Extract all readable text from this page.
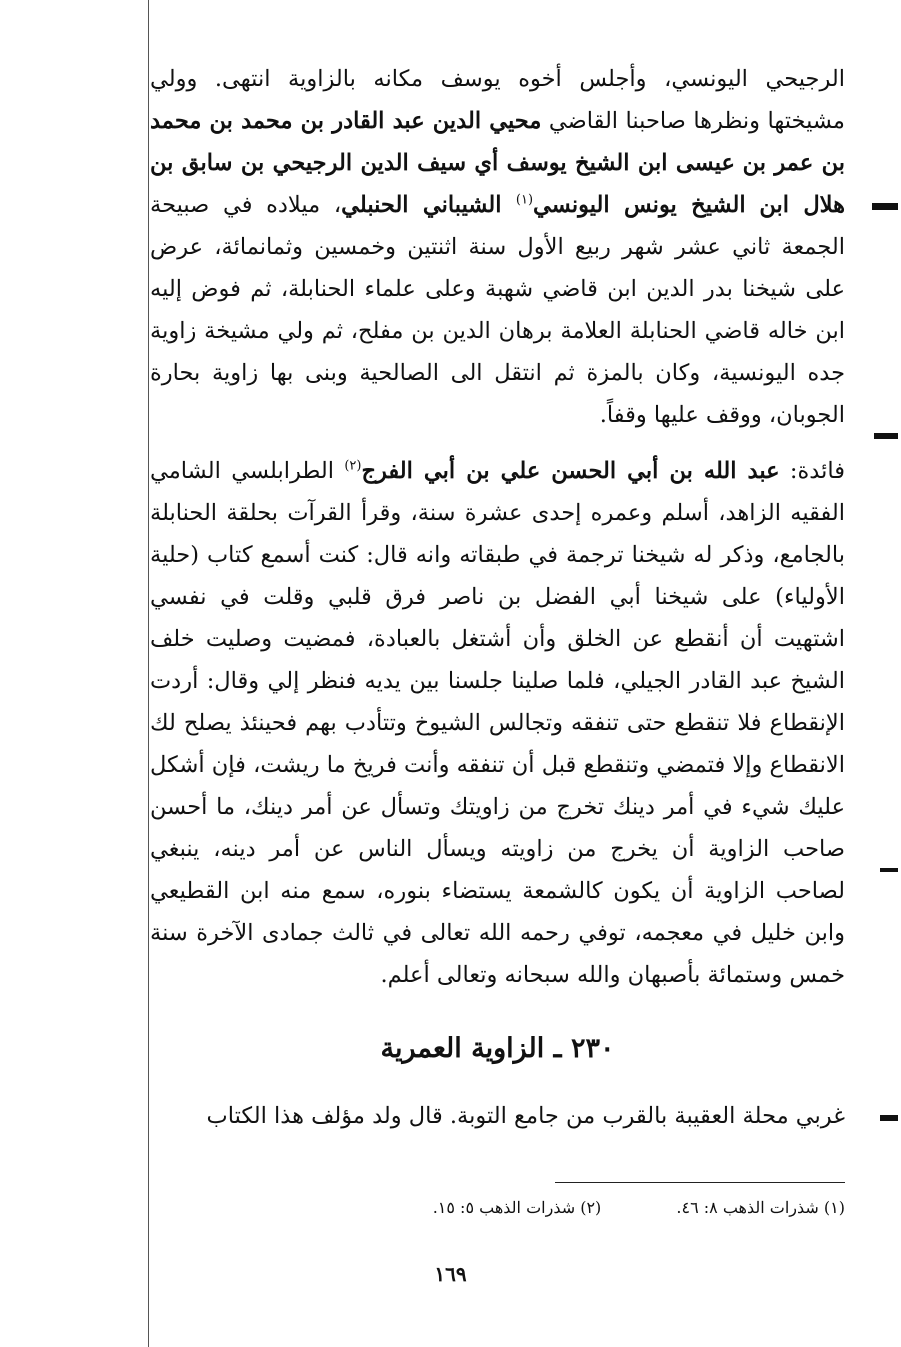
الرجيحي اليونسي، وأجلس أخوه يوسف مكانه بالزاوية انتهى. وولي مشيختها ونظرها صاحبنا القاضي محيي الدين عبد القادر بن محمد بن محمد بن عمر بن عيسى ابن الشيخ يوسف أي سيف الدين الرجيحي بن سابق بن هلال ابن الشيخ يونس اليونسي$^{(١)}$ الشيباني الحنبلي، ميلاده في صبيحة الجمعة ثاني عشر شهر ربيع الأول سنة اثنتين وخمسين وثمانمائة، عرض على شيخنا بدر الدين ابن قاضي شهبة وعلى علماء الحنابلة، ثم فوض إليه ابن خاله قاضي الحنابلة العلامة برهان الدين بن مفلح، ثم ولي مشيخة زاوية جده اليونسية، وكان بالمزة ثم انتقل الى الصالحية وبنى بها زاوية بحارة الجوبان، ووقف عليها وقفاً.

فائدة: عبد الله بن أبي الحسن علي بن أبي الفرج$^{(٢)}$ الطرابلسي الشامي الفقيه الزاهد، أسلم وعمره إحدى عشرة سنة، وقرأ القرآت بحلقة الحنابلة بالجامع، وذكر له شيخنا ترجمة في طبقاته وانه قال: كنت أسمع كتاب (حلية الأولياء) على شيخنا أبي الفضل بن ناصر فرق قلبي وقلت في نفسي اشتهيت أن أنقطع عن الخلق وأن أشتغل بالعبادة، فمضيت وصليت خلف الشيخ عبد القادر الجيلي، فلما صلينا جلسنا بين يديه فنظر إلي وقال: أردت الإنقطاع فلا تنقطع حتى تنفقه وتجالس الشيوخ وتتأدب بهم فحينئذ يصلح لك الانقطاع وإلا فتمضي وتنقطع قبل أن تنفقه وأنت فريخ ما ريشت، فإن أشكل عليك شيء في أمر دينك تخرج من زاويتك وتسأل عن أمر دينك، ما أحسن صاحب الزاوية أن يخرج من زاويته ويسأل الناس عن أمر دينه، ينبغي لصاحب الزاوية أن يكون كالشمعة يستضاء بنوره، سمع منه ابن القطيعي وابن خليل في معجمه، توفي رحمه الله تعالى في ثالث جمادى الآخرة سنة خمس وستمائة بأصبهان والله سبحانه وتعالى أعلم.

٢٣٠ ـ الزاوية العمرية

غربي محلة العقيبة بالقرب من جامع التوبة. قال ولد مؤلف هذا الكتاب

(١) شذرات الذهب ٨: ٤٦. (٢) شذرات الذهب ٥: ١٥.
١٦٩
